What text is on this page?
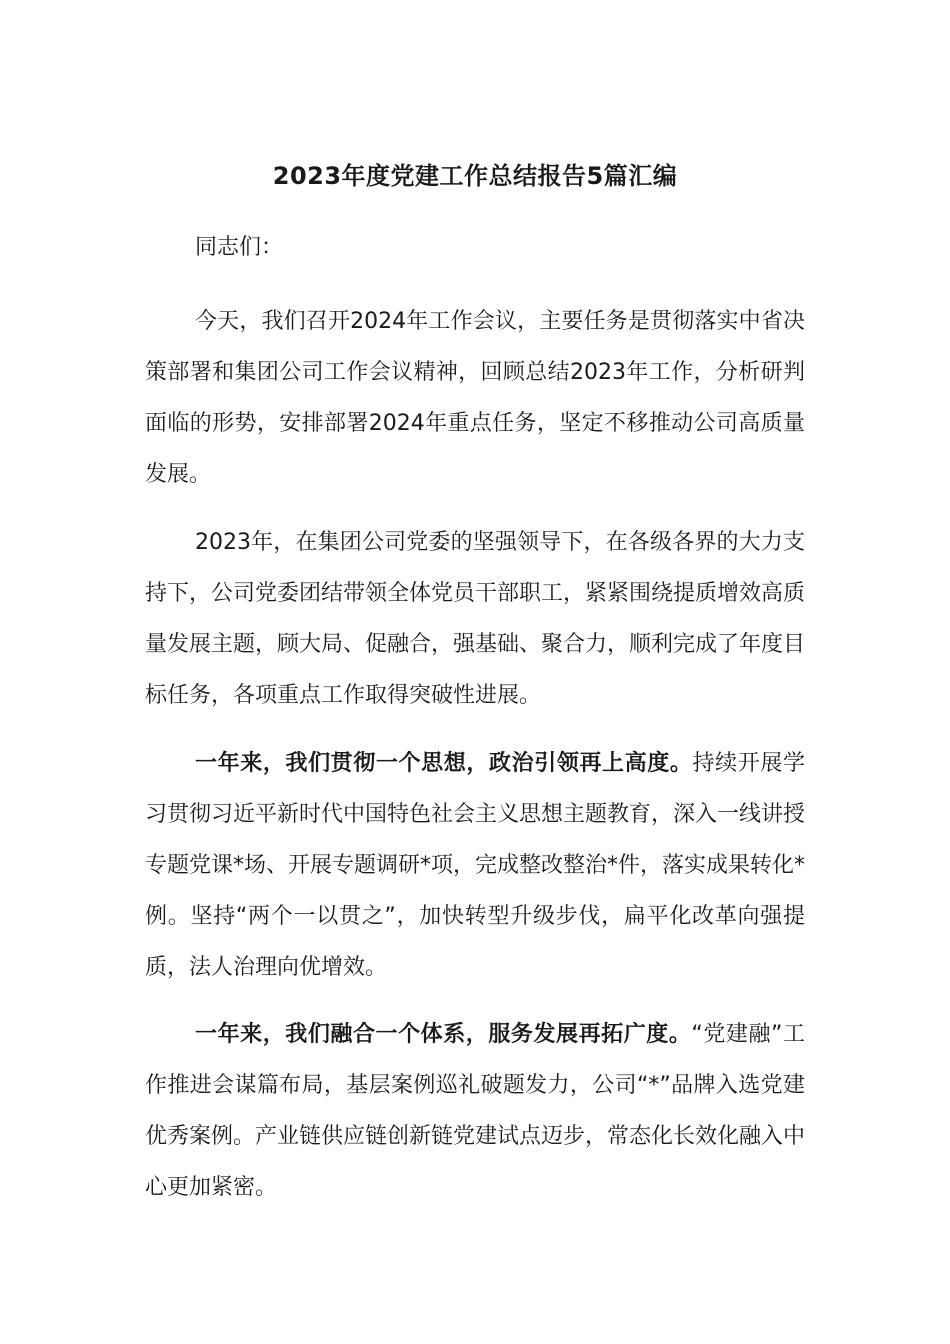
2023年度党建工作总结报告5篇汇编

同志们：

今天，我们召开2024年工作会议，主要任务是贯彻落实中省决策部署和集团公司工作会议精神，回顾总结2023年工作，分析研判面临的形势，安排部署2024年重点任务，坚定不移推动公司高质量发展。

2023年，在集团公司党委的坚强领导下，在各级各界的大力支持下，公司党委团结带领全体党员干部职工，紧紧围绕提质增效高质量发展主题，顾大局、促融合，强基础、聚合力，顺利完成了年度目标任务，各项重点工作取得突破性进展。

一年来，我们贯彻一个思想，政治引领再上高度。持续开展学习贯彻习近平新时代中国特色社会主义思想主题教育，深入一线讲授专题党课*场、开展专题调研*项，完成整改整治*件，落实成果转化*例。坚持“两个一以贯之”，加快转型升级步伐，扁平化改革向强提质，法人治理向优增效。

一年来，我们融合一个体系，服务发展再拓广度。“党建融”工作推进会谋篇布局，基层案例巡礼破题发力，公司“*”品牌入选党建优秀案例。产业链供应链创新链党建试点迈步，常态化长效化融入中心更加紧密。
